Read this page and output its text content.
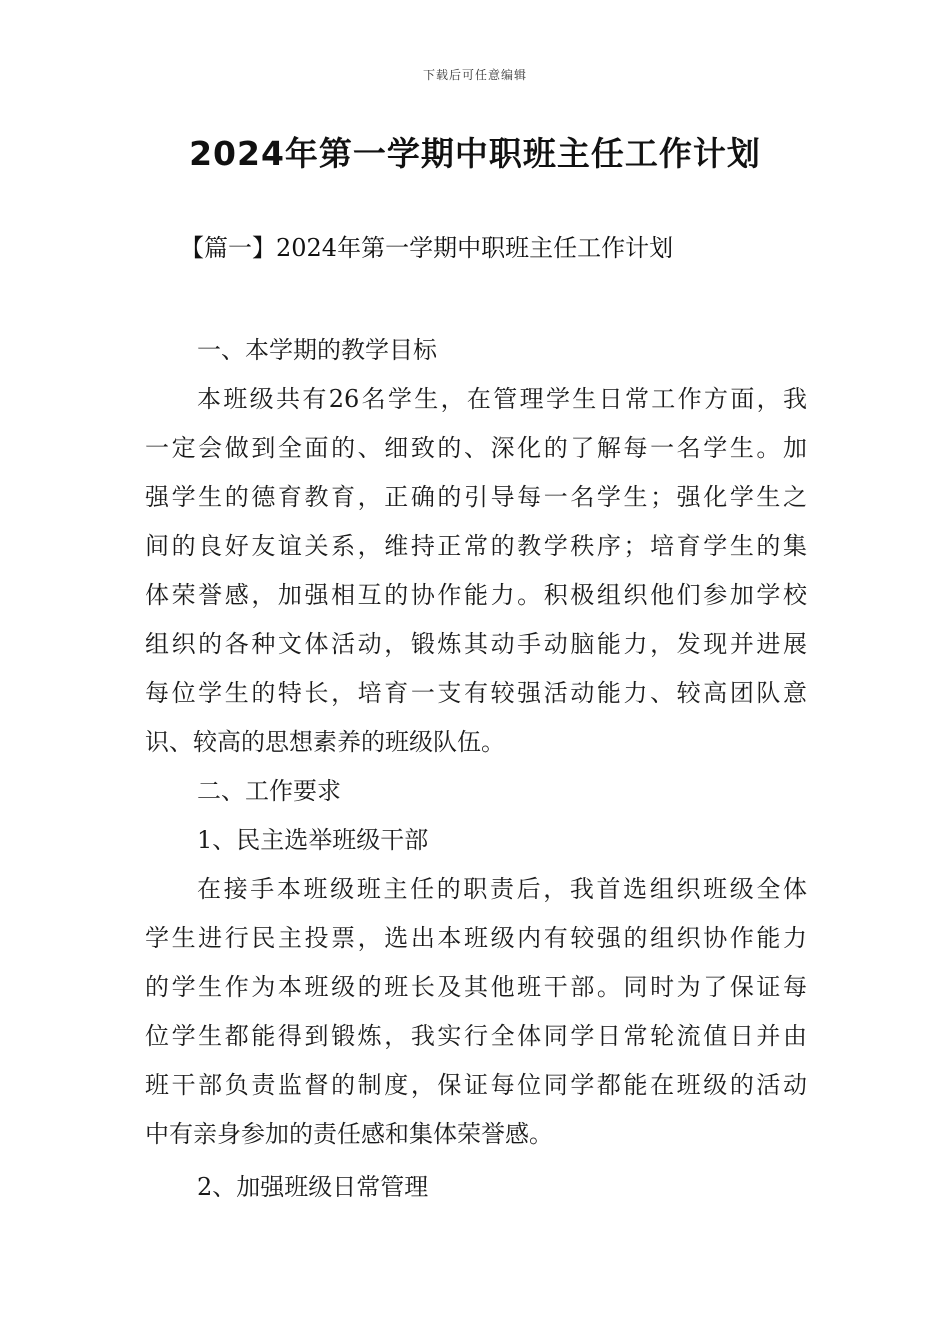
下载后可任意编辑
2024年第一学期中职班主任工作计划
【篇一】2024年第一学期中职班主任工作计划

一、本学期的教学目标

本班级共有26名学生，在管理学生日常工作方面，我

一定会做到全面的、细致的、深化的了解每一名学生。加

强学生的德育教育，正确的引导每一名学生；强化学生之

间的良好友谊关系，维持正常的教学秩序；培育学生的集

体荣誉感，加强相互的协作能力。积极组织他们参加学校

组织的各种文体活动，锻炼其动手动脑能力，发现并进展

每位学生的特长，培育一支有较强活动能力、较高团队意

识、较高的思想素养的班级队伍。

二、工作要求

1、民主选举班级干部

在接手本班级班主任的职责后，我首选组织班级全体

学生进行民主投票，选出本班级内有较强的组织协作能力

的学生作为本班级的班长及其他班干部。同时为了保证每

位学生都能得到锻炼，我实行全体同学日常轮流值日并由

班干部负责监督的制度，保证每位同学都能在班级的活动

中有亲身参加的责任感和集体荣誉感。

2、加强班级日常管理
